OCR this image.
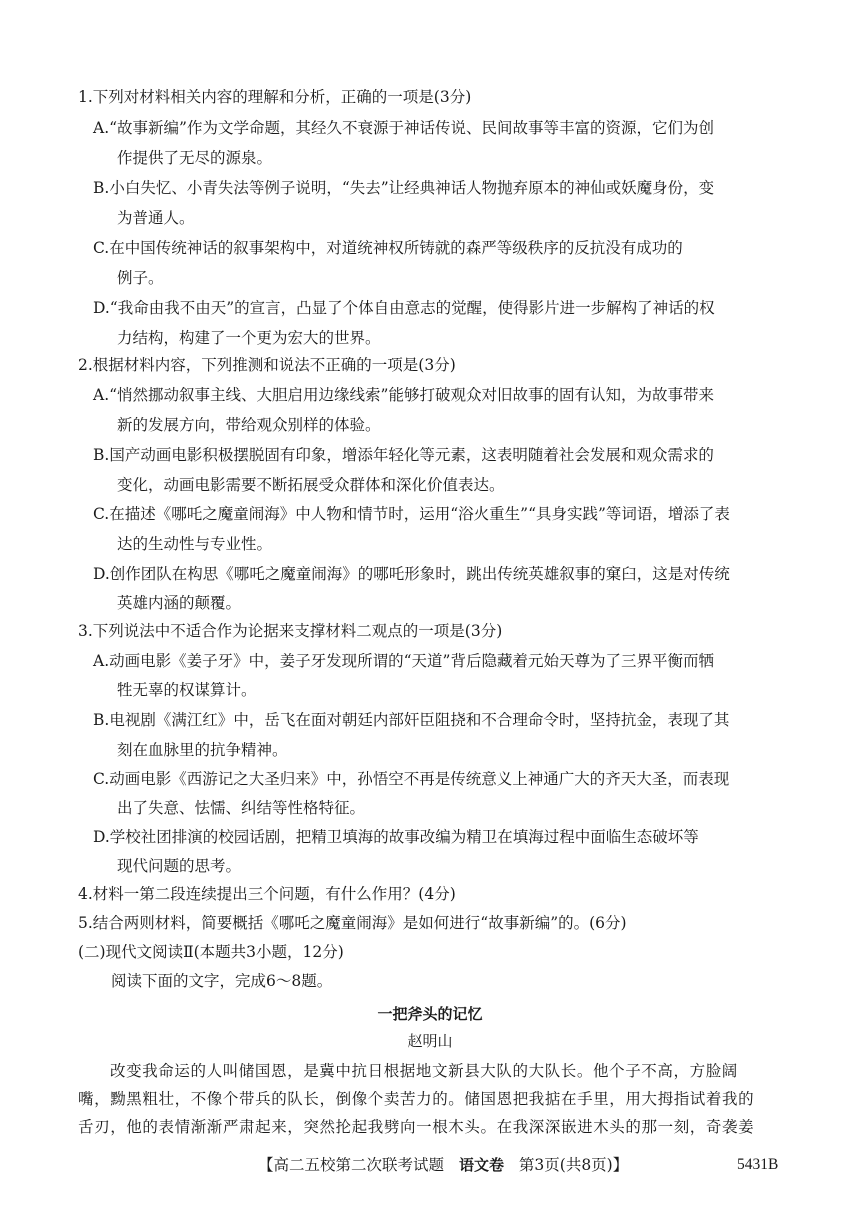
1.下列对材料相关内容的理解和分析，正确的一项是(3分)
A.“故事新编”作为文学命题，其经久不衰源于神话传说、民间故事等丰富的资源，它们为创
作提供了无尽的源泉。
B.小白失忆、小青失法等例子说明，“失去”让经典神话人物抛弃原本的神仙或妖魔身份，变
为普通人。
C.在中国传统神话的叙事架构中，对道统神权所铸就的森严等级秩序的反抗没有成功的
例子。
D.“我命由我不由天”的宣言，凸显了个体自由意志的觉醒，使得影片进一步解构了神话的权
力结构，构建了一个更为宏大的世界。
2.根据材料内容，下列推测和说法不正确的一项是(3分)
A.“悄然挪动叙事主线、大胆启用边缘线索”能够打破观众对旧故事的固有认知，为故事带来
新的发展方向，带给观众别样的体验。
B.国产动画电影积极摆脱固有印象，增添年轻化等元素，这表明随着社会发展和观众需求的
变化，动画电影需要不断拓展受众群体和深化价值表达。
C.在描述《哪吒之魔童闹海》中人物和情节时，运用“浴火重生”“具身实践”等词语，增添了表
达的生动性与专业性。
D.创作团队在构思《哪吒之魔童闹海》的哪吒形象时，跳出传统英雄叙事的窠臼，这是对传统
英雄内涵的颠覆。
3.下列说法中不适合作为论据来支撑材料二观点的一项是(3分)
A.动画电影《姜子牙》中，姜子牙发现所谓的“天道”背后隐藏着元始天尊为了三界平衡而牺
牲无辜的权谋算计。
B.电视剧《满江红》中，岳飞在面对朝廷内部奸臣阻挠和不合理命令时，坚持抗金，表现了其
刻在血脉里的抗争精神。
C.动画电影《西游记之大圣归来》中，孙悟空不再是传统意义上神通广大的齐天大圣，而表现
出了失意、怯懦、纠结等性格特征。
D.学校社团排演的校园话剧，把精卫填海的故事改编为精卫在填海过程中面临生态破坏等
现代问题的思考。
4.材料一第二段连续提出三个问题，有什么作用？(4分)
5.结合两则材料，简要概括《哪吒之魔童闹海》是如何进行“故事新编”的。(6分)
(二)现代文阅读Ⅱ(本题共3小题，12分)
阅读下面的文字，完成6～8题。
一把斧头的记忆
赵明山
改变我命运的人叫储国恩，是冀中抗日根据地文新县大队的大队长。他个子不高，方脸阔
嘴，黝黑粗壮，不像个带兵的队长，倒像个卖苦力的。储国恩把我掂在手里，用大拇指试着我的
舌刃，他的表情渐渐严肃起来，突然抡起我劈向一根木头。在我深深嵌进木头的那一刻，奇袭姜
【高二五校第二次联考试题 语文卷 第3页(共8页)】	5431B
